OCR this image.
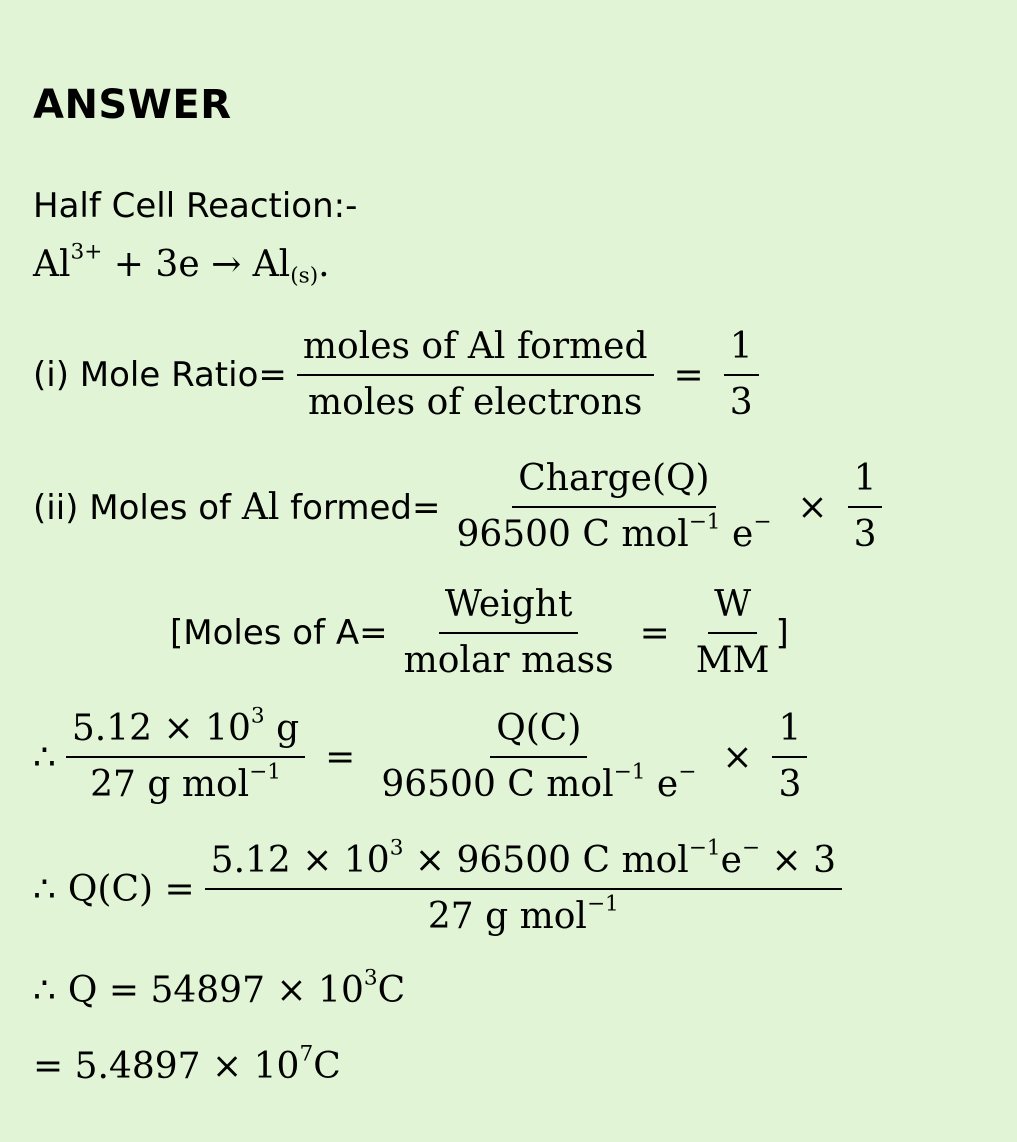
ANSWER
Half Cell Reaction:-
$Al^{3+} + 3e \to Al_{(s)}$.
(i) Mole Ratio= $\frac{\text{moles of Al formed}}{\text{moles of electrons}} = \frac{1}{3}$
(ii) Moles of Al formed= $\frac{\text{Charge(Q)}}{96500 C mol^{-1} e^-} \times \frac{1}{3}$
[Moles of $A= \frac{\text{Weight}}{\text{molar mass}} = \frac{W}{MM}$ ]
∴ $\frac{5.12 \times 10^3 g}{27 g mol^{-1}} = \frac{Q(C)}{96500 C mol^{-1} e^-} \times \frac{1}{3}$
∴ $Q(C) = \frac{5.12 \times 10^3 \times 96500 C mol^{-1}e^- \times 3}{27 g mol^{-1}}$
∴ $Q = 54897 \times 10^3C$
= $5.4897 \times 10^7C$
